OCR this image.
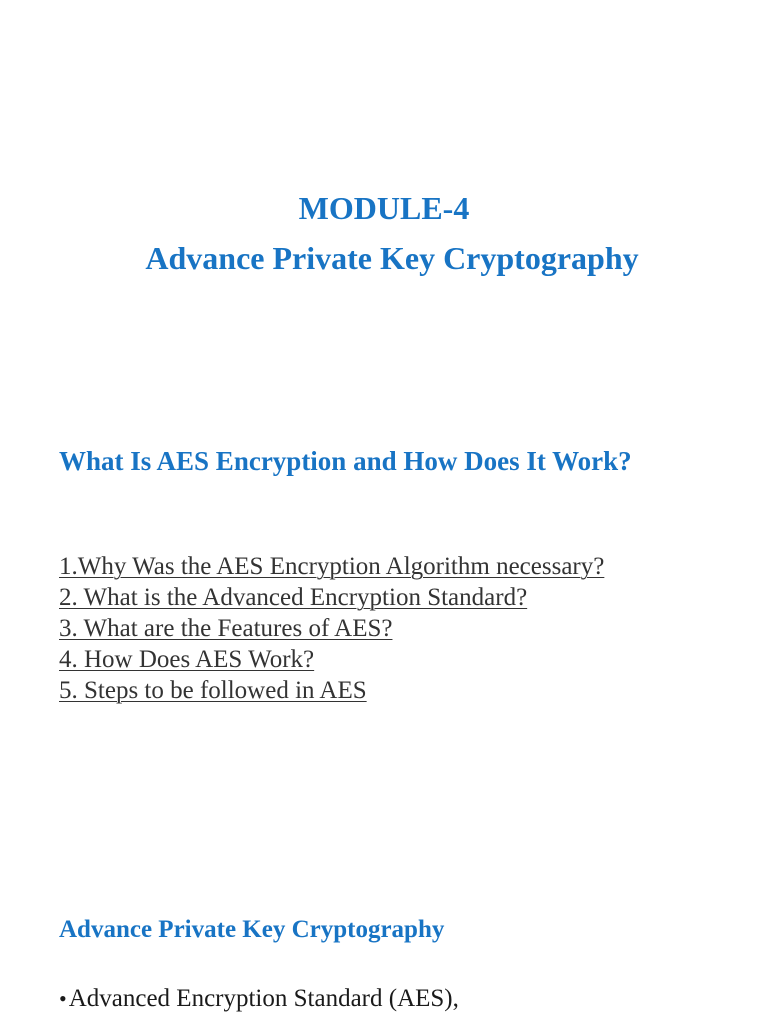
MODULE-4
Advance Private Key Cryptography
What Is AES Encryption and How Does It Work?
1.Why Was the AES Encryption Algorithm necessary?
2. What is the Advanced Encryption Standard?
3. What are the Features of AES?
4. How Does AES Work?
5. Steps to be followed in AES
Advance Private Key Cryptography
•Advanced Encryption Standard (AES),
